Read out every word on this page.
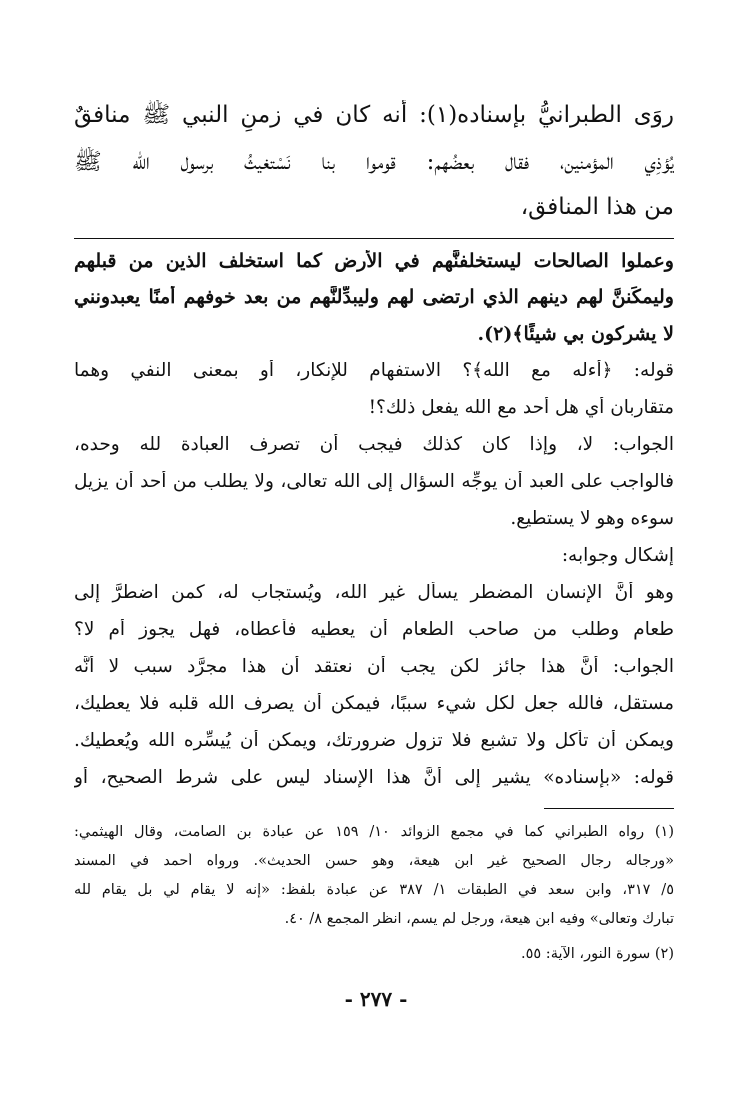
روَى الطبرانيُّ بإسناده(١): أنه كان في زمنِ النبي ﷺ منافقٌ

يُؤذِي المؤمنين، فقال بعضُهم: قوموا بنا نَسْتغيثُ برسول الله ﷺ

من هذا المنافق،

وعملوا الصالحات ليستخلفنَّهم في الأرض كما استخلف الذين من قبلهم

وليمكِّننَّ لهم دينهم الذي ارتضى لهم وليبدِّلنَّهم من بعد خوفهم أمنًا يعبدونني

لا يشركون بي شيئًا﴾(٢).

قوله: ﴿أءله مع الله﴾؟ الاستفهام للإنكار، أو بمعنى النفي وهما

متقاربان أي هل أحد مع الله يفعل ذلك؟!

الجواب: لا، وإذا كان كذلك فيجب أن تصرف العبادة لله وحده،

فالواجب على العبد أن يوجِّه السؤال إلى الله تعالى، ولا يطلب من أحد أن يزيل

سوءه وهو لا يستطيع.

إشكال وجوابه:

وهو أنَّ الإنسان المضطر يسأل غير الله، ويُستجاب له، كمن اضطرَّ إلى

طعام وطلب من صاحب الطعام أن يعطيه فأعطاه، فهل يجوز أم لا؟

الجواب: أنَّ هذا جائز لكن يجب أن نعتقد أن هذا مجرَّد سبب لا أنَّه

مستقل، فالله جعل لكل شيء سببًا، فيمكن أن يصرف الله قلبه فلا يعطيك،

ويمكن أن تأكل ولا تشبع فلا تزول ضرورتك، ويمكن أن يُيسِّره الله ويُعطيك.

قوله: «بإسناده» يشير إلى أنَّ هذا الإسناد ليس على شرط الصحيح، أو

(١) رواه الطبراني كما في مجمع الزوائد ١٠/ ١٥٩ عن عبادة بن الصامت، وقال الهيثمي:

«ورجاله رجال الصحيح غير ابن هيعة، وهو حسن الحديث». ورواه أحمد في المسند

٥/ ٣١٧، وابن سعد في الطبقات ١/ ٣٨٧ عن عبادة بلفظ: «إنه لا يقام لي بل يقام لله

تبارك وتعالى» وفيه ابن هيعة، ورجل لم يسم، انظر المجمع ٨/ ٤٠.

(٢) سورة النور، الآية: ٥٥.

- ٢٧٧ -
